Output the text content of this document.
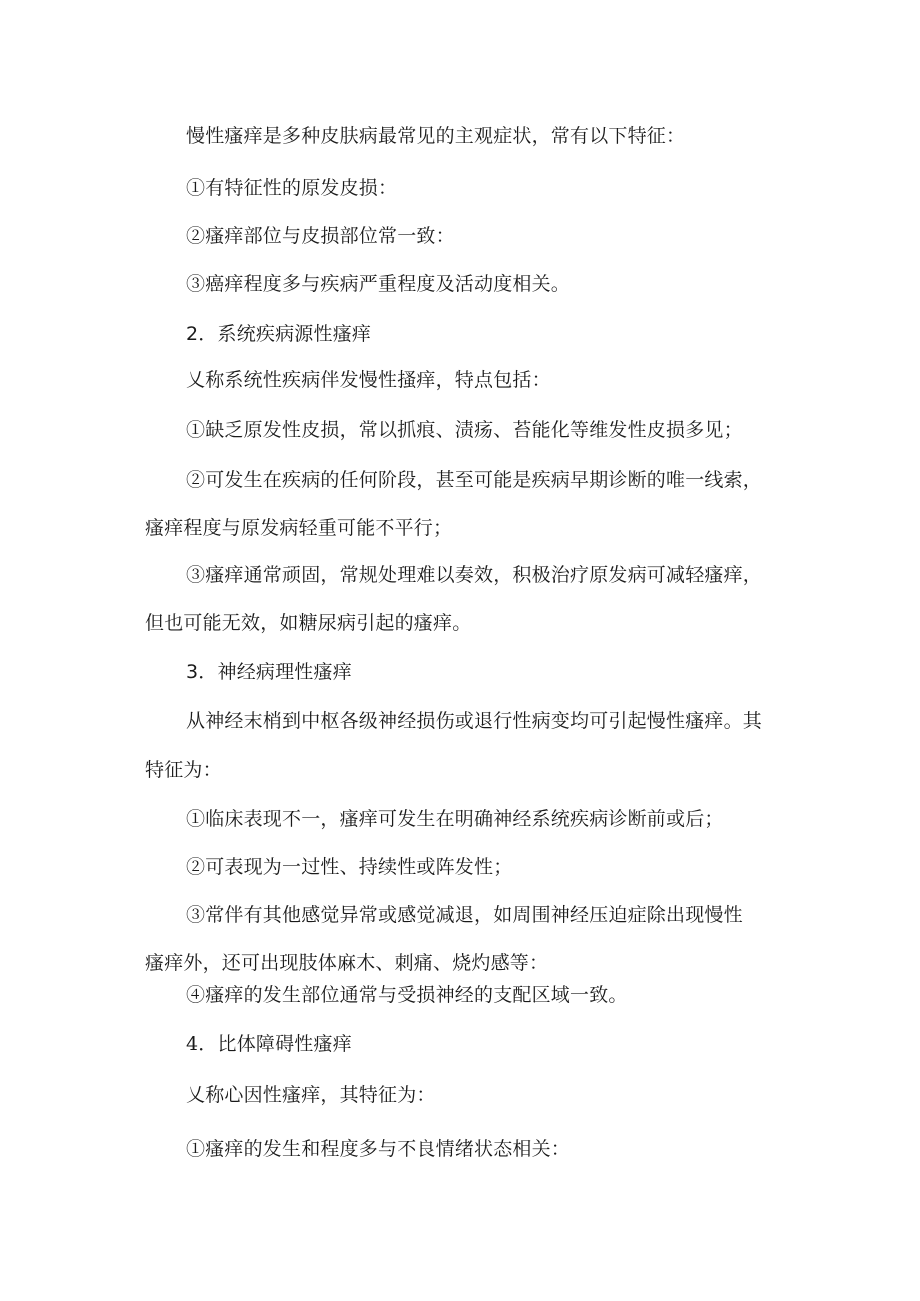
慢性瘙痒是多种皮肤病最常见的主观症状，常有以下特征：
①有特征性的原发皮损：
②瘙痒部位与皮损部位常一致：
③癌痒程度多与疾病严重程度及活动度相关。
2．系统疾病源性瘙痒
乂称系统性疾病伴发慢性搔痒，特点包括：
①缺乏原发性皮损，常以抓痕、渍疡、苔能化等维发性皮损多见；
②可发生在疾病的任何阶段，甚至可能是疾病早期诊断的唯一线索，
瘙痒程度与原发病轻重可能不平行；
③瘙痒通常顽固，常规处理难以奏效，积极治疗原发病可减轻瘙痒，
但也可能无效，如糖尿病引起的瘙痒。
3．神经病理性瘙痒
从神经末梢到中枢各级神经损伤或退行性病变均可引起慢性瘙痒。其
特征为：
①临床表现不一，瘙痒可发生在明确神经系统疾病诊断前或后；
②可表现为一过性、持续性或阵发性；
③常伴有其他感觉异常或感觉减退，如周围神经压迫症除出现慢性
瘙痒外，还可出现肢体麻木、刺痛、烧灼感等：
④瘙痒的发生部位通常与受损神经的支配区域一致。
4．比体障碍性瘙痒
乂称心因性瘙痒，其特征为：
①瘙痒的发生和程度多与不良情绪状态相关：
